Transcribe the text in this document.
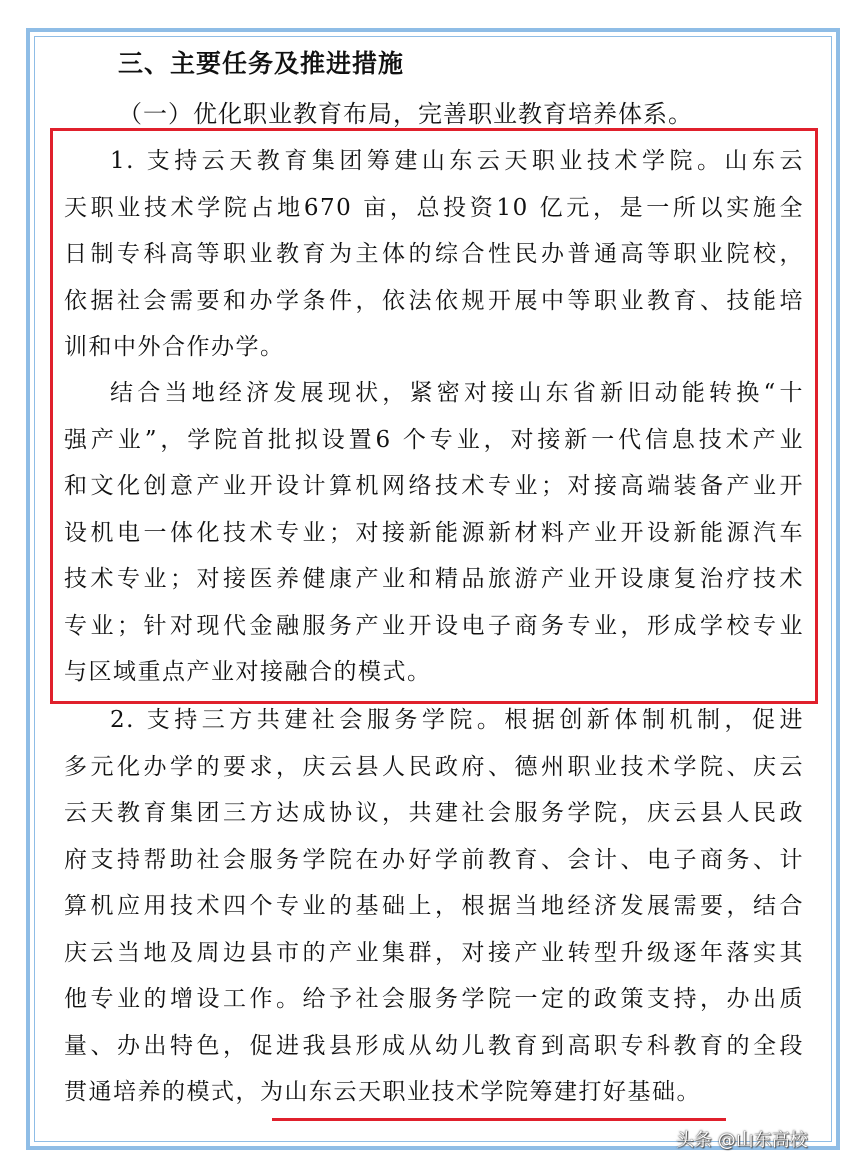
三、主要任务及推进措施
（一）优化职业教育布局，完善职业教育培养体系。
1. 支持云天教育集团筹建山东云天职业技术学院。山东云
天职业技术学院占地670 亩，总投资10 亿元，是一所以实施全
日制专科高等职业教育为主体的综合性民办普通高等职业院校，
依据社会需要和办学条件，依法依规开展中等职业教育、技能培
训和中外合作办学。
结合当地经济发展现状，紧密对接山东省新旧动能转换“十
强产业”，学院首批拟设置6 个专业，对接新一代信息技术产业
和文化创意产业开设计算机网络技术专业；对接高端装备产业开
设机电一体化技术专业；对接新能源新材料产业开设新能源汽车
技术专业；对接医养健康产业和精品旅游产业开设康复治疗技术
专业；针对现代金融服务产业开设电子商务专业，形成学校专业
与区域重点产业对接融合的模式。
2. 支持三方共建社会服务学院。根据创新体制机制，促进
多元化办学的要求，庆云县人民政府、德州职业技术学院、庆云
云天教育集团三方达成协议，共建社会服务学院，庆云县人民政
府支持帮助社会服务学院在办好学前教育、会计、电子商务、计
算机应用技术四个专业的基础上，根据当地经济发展需要，结合
庆云当地及周边县市的产业集群，对接产业转型升级逐年落实其
他专业的增设工作。给予社会服务学院一定的政策支持，办出质
量、办出特色，促进我县形成从幼儿教育到高职专科教育的全段
贯通培养的模式，为山东云天职业技术学院筹建打好基础。
头条 @山东高校
